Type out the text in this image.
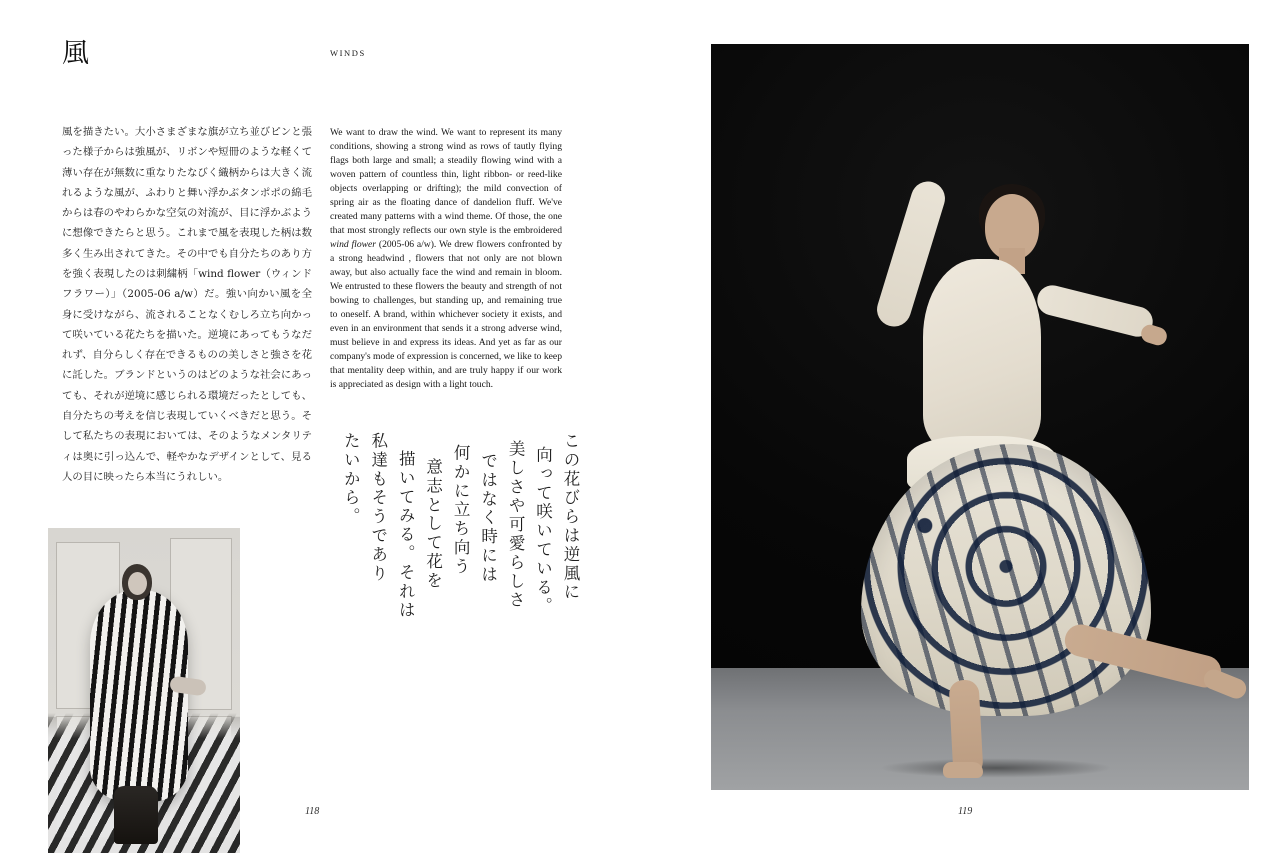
風	WINDS
風を描きたい。大小さまざまな旗が立ち並びピンと張った様子からは強風が、リボンや短冊のような軽くて薄い存在が無数に重なりたなびく織柄からは大きく流れるような風が、ふわりと舞い浮かぶタンポポの綿毛からは春のやわらかな空気の対流が、目に浮かぶように想像できたらと思う。これまで風を表現した柄は数多く生み出されてきた。その中でも自分たちのあり方を強く表現したのは刺繍柄「wind flower（ウィンドフラワー）」（2005-06 a/w）だ。強い向かい風を全身に受けながら、流されることなくむしろ立ち向かって咲いている花たちを描いた。逆境にあってもうなだれず、自分らしく存在できるものの美しさと強さを花に託した。ブランドというのはどのような社会にあっても、それが逆境に感じられる環境だったとしても、自分たちの考えを信じ表現していくべきだと思う。そして私たちの表現においては、そのようなメンタリティは奥に引っ込んで、軽やかなデザインとして、見る人の目に映ったら本当にうれしい。
We want to draw the wind. We want to represent its many conditions, showing a strong wind as rows of tautly flying flags both large and small; a steadily flowing wind with a woven pattern of countless thin, light ribbon- or reed-like objects overlapping or drifting); the mild convection of spring air as the floating dance of dandelion fluff. We've created many patterns with a wind theme. Of those, the one that most strongly reflects our own style is the embroidered wind flower (2005-06 a/w). We drew flowers confronted by a strong headwind , flowers that not only are not blown away, but also actually face the wind and remain in bloom. We entrusted to these flowers the beauty and strength of not bowing to challenges, but standing up, and remaining true to oneself. A brand, within whichever society it exists, and even in an environment that sends it a strong adverse wind, must believe in and express its ideas. And yet as far as our company's mode of expression is concerned, we like to keep that mentality deep within, and are truly happy if our work is appreciated as design with a light touch.
この花びらは逆風に
向って咲いている。
美しさや可愛らしさ
ではなく時には
何かに立ち向う
意志として花を
描いてみる。それは
私達もそうであり
たいから。
118	119
